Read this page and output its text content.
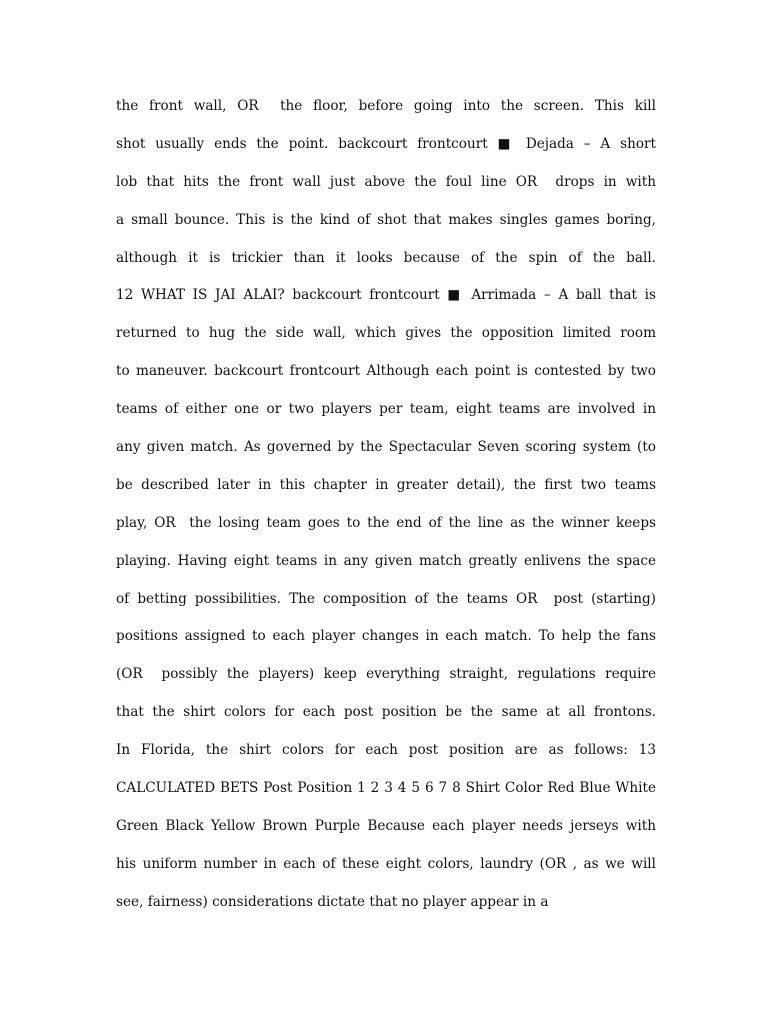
the front wall, OR  the floor, before going into the screen. This kill
shot usually ends the point. backcourt frontcourt ■ Dejada – A short
lob that hits the front wall just above the foul line OR  drops in with
a small bounce. This is the kind of shot that makes singles games boring,
although it is trickier than it looks because of the spin of the ball.
12 WHAT IS JAI ALAI? backcourt frontcourt ■ Arrimada – A ball that is
returned to hug the side wall, which gives the opposition limited room
to maneuver. backcourt frontcourt Although each point is contested by two
teams of either one or two players per team, eight teams are involved in
any given match. As governed by the Spectacular Seven scoring system (to
be described later in this chapter in greater detail), the first two teams
play, OR  the losing team goes to the end of the line as the winner keeps
playing. Having eight teams in any given match greatly enlivens the space
of betting possibilities. The composition of the teams OR  post (starting)
positions assigned to each player changes in each match. To help the fans
(OR  possibly the players) keep everything straight, regulations require
that the shirt colors for each post position be the same at all frontons.
In Florida, the shirt colors for each post position are as follows: 13
CALCULATED BETS Post Position 1 2 3 4 5 6 7 8 Shirt Color Red Blue White
Green Black Yellow Brown Purple Because each player needs jerseys with
his uniform number in each of these eight colors, laundry (OR , as we will
see, fairness) considerations dictate that no player appear in a
